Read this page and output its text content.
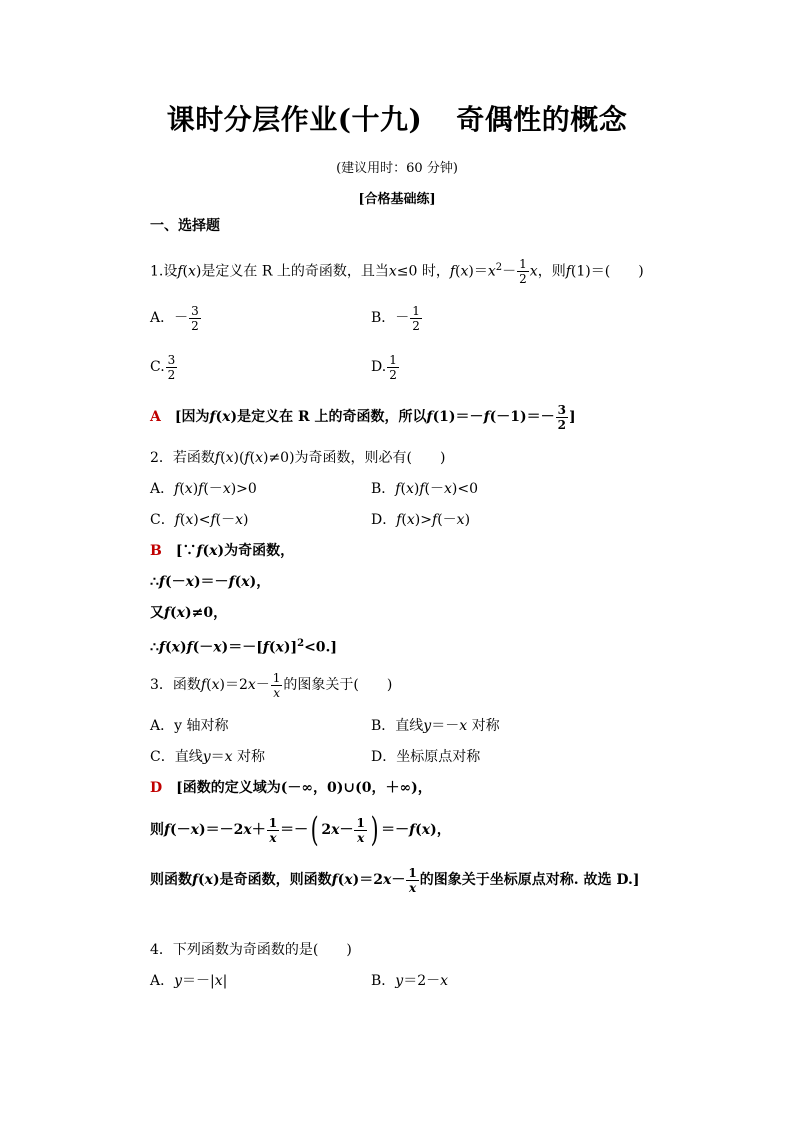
课时分层作业(十九) 奇偶性的概念
(建议用时：60 分钟)
[合格基础练]
一、选择题
1.设f(x)是定义在 R 上的奇函数，且当x≤0 时，$f(x)=x^2- \frac{1}{2}$ x，则f(1)＝(　　)
A．－ $\frac{3}{2}$	B．－ $\frac{1}{2}$
C. $\frac{3}{2}$	D. $\frac{1}{2}$
A　 [因为f(x)是定义在 R 上的奇函数，所以$f(1)=-f(-1)=- \frac{3}{2}$ ]
2．若函数f(x)(f(x)≠0)为奇函数，则必有(　　)
A．f(x)f(－x)>0	B．f(x)f(－x)<0
C．f(x)<f(－x)	D．f(x)>f(－x)
B　 [∵f(x)为奇函数，
∴f(－x)＝－f(x)，
又f(x)≠0，
$\therefore f(x)f(-x)=-[f(x)]^2<0$.]
3．函数$f(x)=2x- \frac{1}{x}$ 的图象关于(　　)
A．y 轴对称	B．直线y＝－x 对称
C．直线y＝x 对称	D．坐标原点对称
D　 [函数的定义域为(－∞，0)∪(0，＋∞)，
则$f(-x)=-2x+ \frac{1}{x}$ ＝－( $2x- \frac{1}{x}$ ) ＝－f(x)，
则函数f(x)是奇函数，则函数$f(x)=2x- \frac{1}{x}$ 的图象关于坐标原点对称. 故选 D.]
4．下列函数为奇函数的是(　　)
A．y＝－|x|	B．y＝2－x
